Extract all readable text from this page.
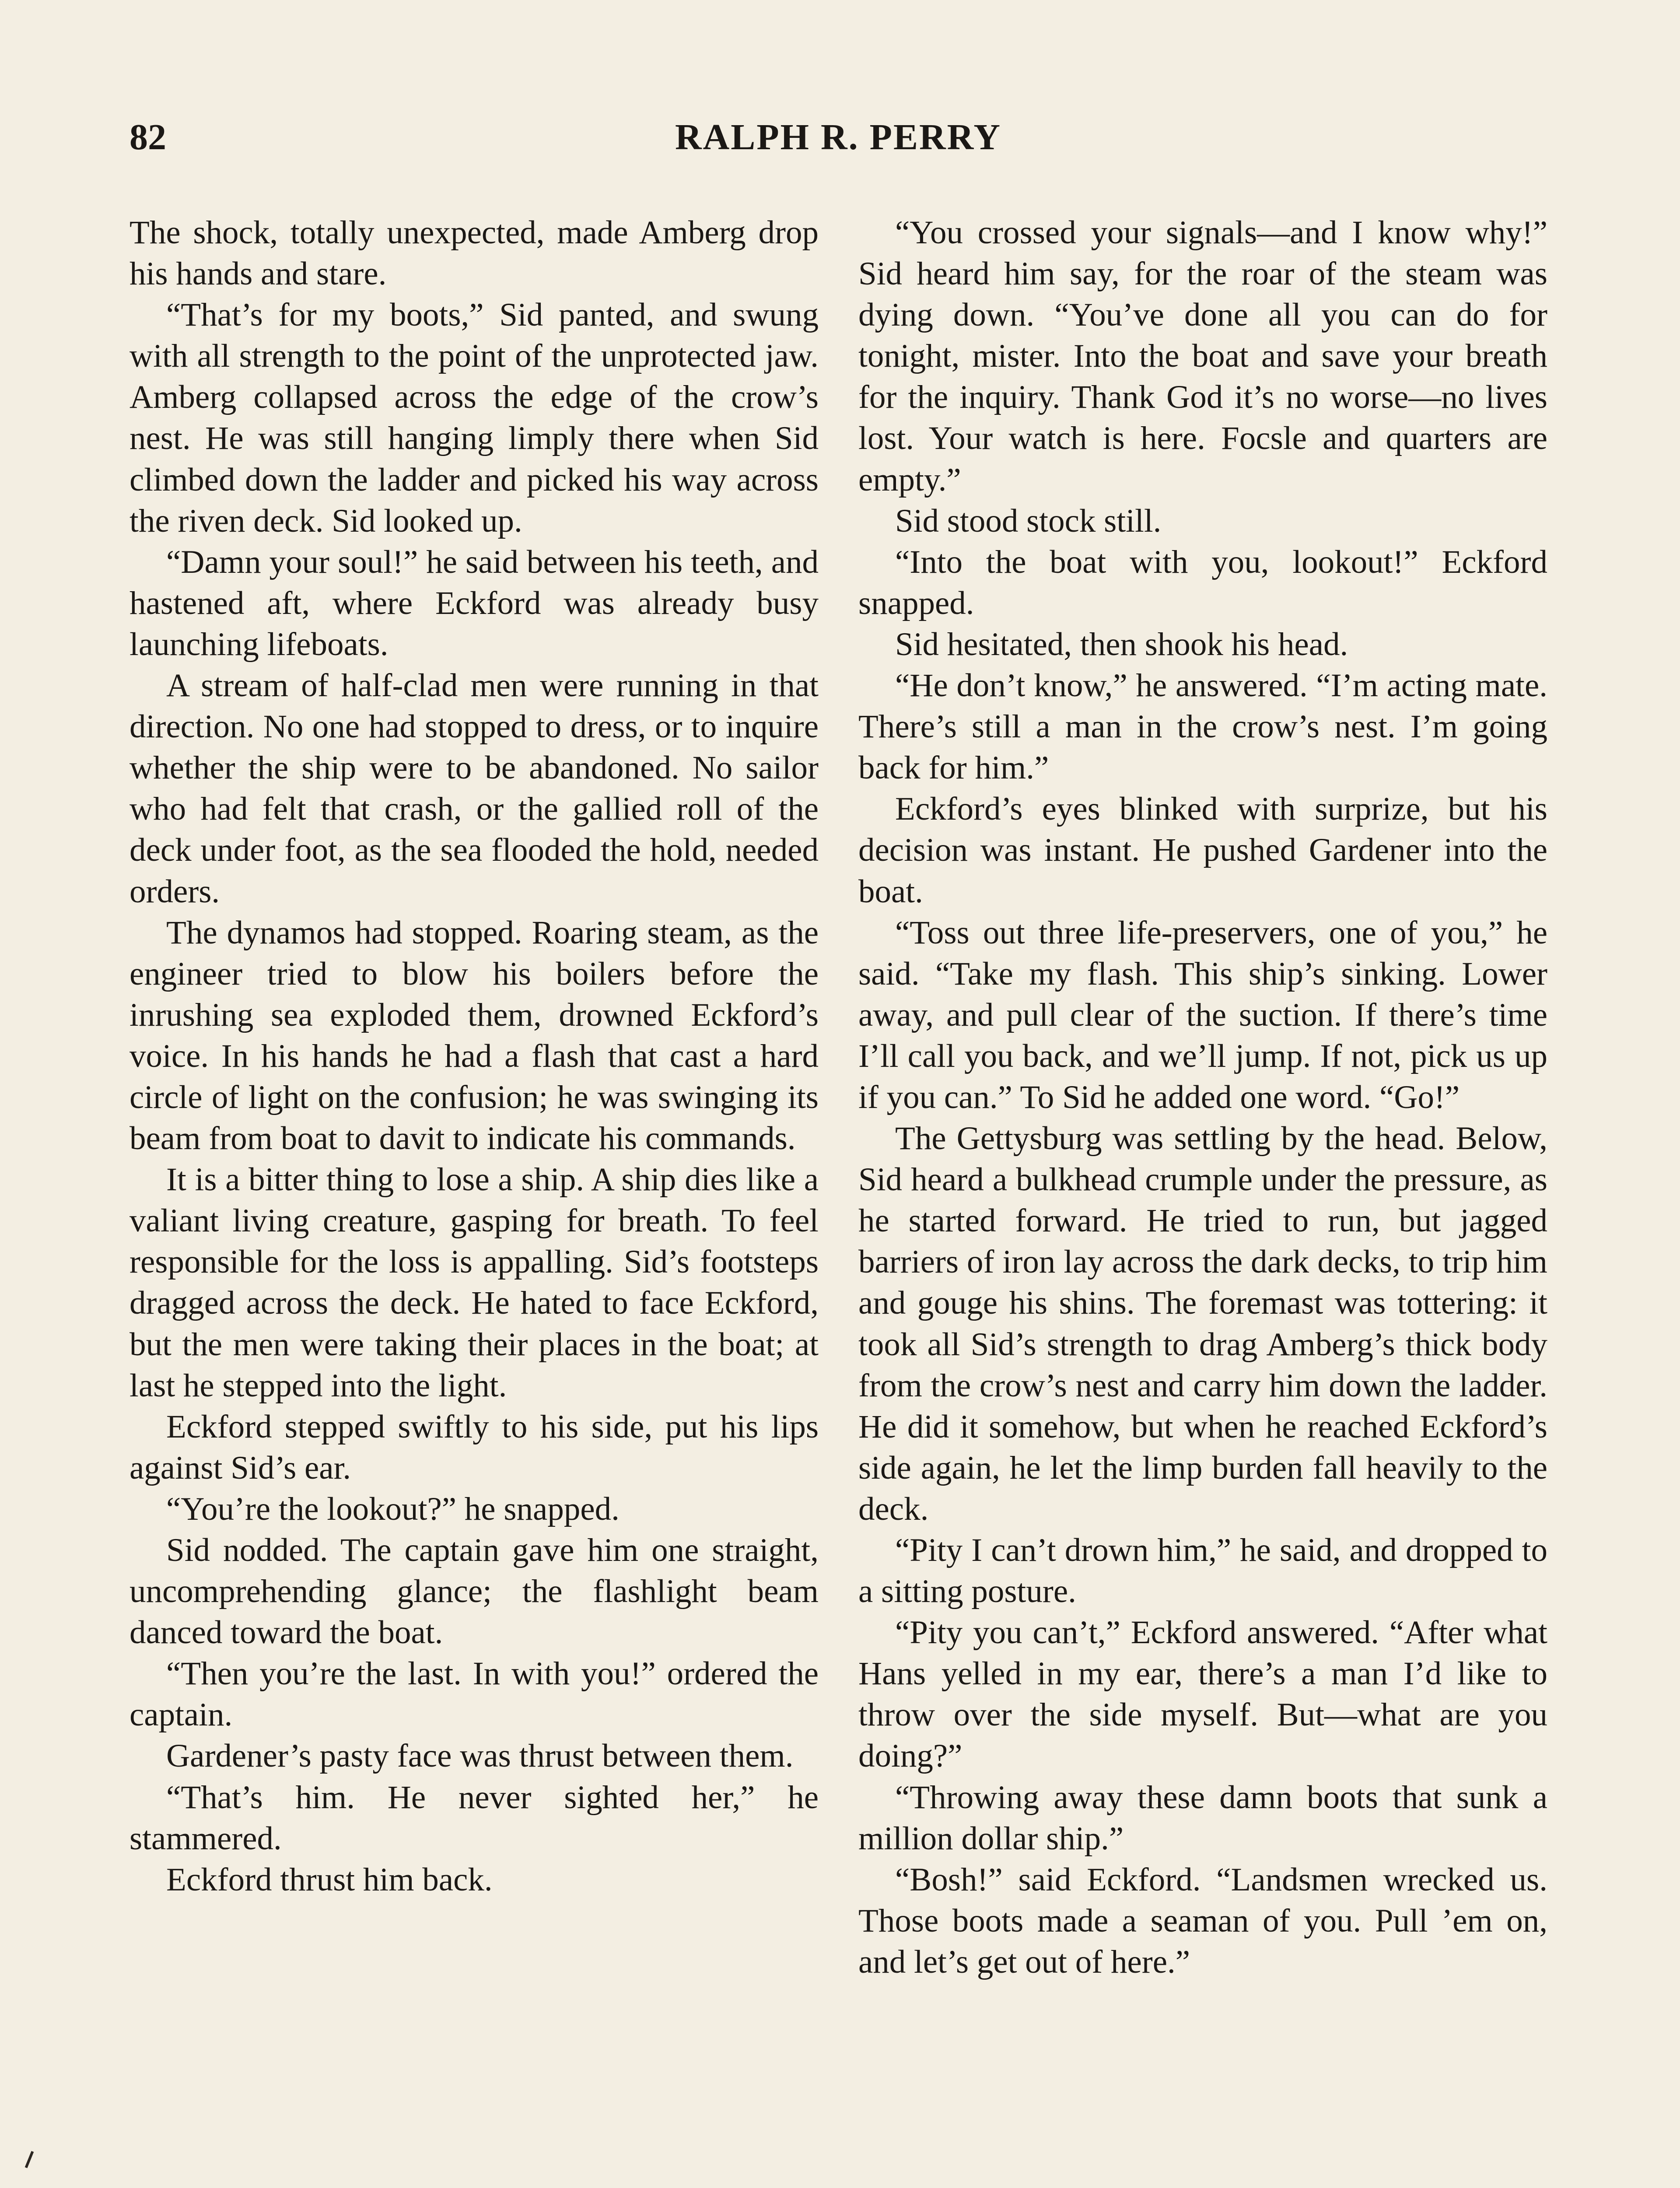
82	RALPH R. PERRY

The shock, totally unexpected, made Amberg drop his hands and stare.

“That’s for my boots,” Sid panted, and swung with all strength to the point of the unprotected jaw. Amberg collapsed across the edge of the crow’s nest. He was still hanging limply there when Sid climbed down the ladder and picked his way across the riven deck. Sid looked up.

“Damn your soul!” he said between his teeth, and hastened aft, where Eckford was already busy launching lifeboats.

A stream of half-clad men were running in that direction. No one had stopped to dress, or to inquire whether the ship were to be abandoned. No sailor who had felt that crash, or the gallied roll of the deck under foot, as the sea flooded the hold, needed orders.

The dynamos had stopped. Roaring steam, as the engineer tried to blow his boilers before the inrushing sea exploded them, drowned Eckford’s voice. In his hands he had a flash that cast a hard circle of light on the confusion; he was swinging its beam from boat to davit to indicate his commands.

It is a bitter thing to lose a ship. A ship dies like a valiant living creature, gasping for breath. To feel responsible for the loss is appalling. Sid’s footsteps dragged across the deck. He hated to face Eckford, but the men were taking their places in the boat; at last he stepped into the light.

Eckford stepped swiftly to his side, put his lips against Sid’s ear.

“You’re the lookout?” he snapped.

Sid nodded. The captain gave him one straight, uncomprehending glance; the flashlight beam danced toward the boat.

“Then you’re the last. In with you!” ordered the captain.

Gardener’s pasty face was thrust between them.

“That’s him. He never sighted her,” he stammered.

Eckford thrust him back.

“You crossed your signals—and I know why!” Sid heard him say, for the roar of the steam was dying down. “You’ve done all you can do for tonight, mister. Into the boat and save your breath for the inquiry. Thank God it’s no worse—no lives lost. Your watch is here. Focsle and quarters are empty.”

Sid stood stock still.

“Into the boat with you, lookout!” Eckford snapped.

Sid hesitated, then shook his head.

“He don’t know,” he answered. “I’m acting mate. There’s still a man in the crow’s nest. I’m going back for him.”

Eckford’s eyes blinked with surprize, but his decision was instant. He pushed Gardener into the boat.

“Toss out three life-preservers, one of you,” he said. “Take my flash. This ship’s sinking. Lower away, and pull clear of the suction. If there’s time I’ll call you back, and we’ll jump. If not, pick us up if you can.” To Sid he added one word. “Go!”

The Gettysburg was settling by the head. Below, Sid heard a bulkhead crumple under the pressure, as he started forward. He tried to run, but jagged barriers of iron lay across the dark decks, to trip him and gouge his shins. The foremast was tottering: it took all Sid’s strength to drag Amberg’s thick body from the crow’s nest and carry him down the ladder. He did it somehow, but when he reached Eckford’s side again, he let the limp burden fall heavily to the deck.

“Pity I can’t drown him,” he said, and dropped to a sitting posture.

“Pity you can’t,” Eckford answered. “After what Hans yelled in my ear, there’s a man I’d like to throw over the side myself. But—what are you doing?”

“Throwing away these damn boots that sunk a million dollar ship.”

“Bosh!” said Eckford. “Landsmen wrecked us. Those boots made a seaman of you. Pull ’em on, and let’s get out of here.”
